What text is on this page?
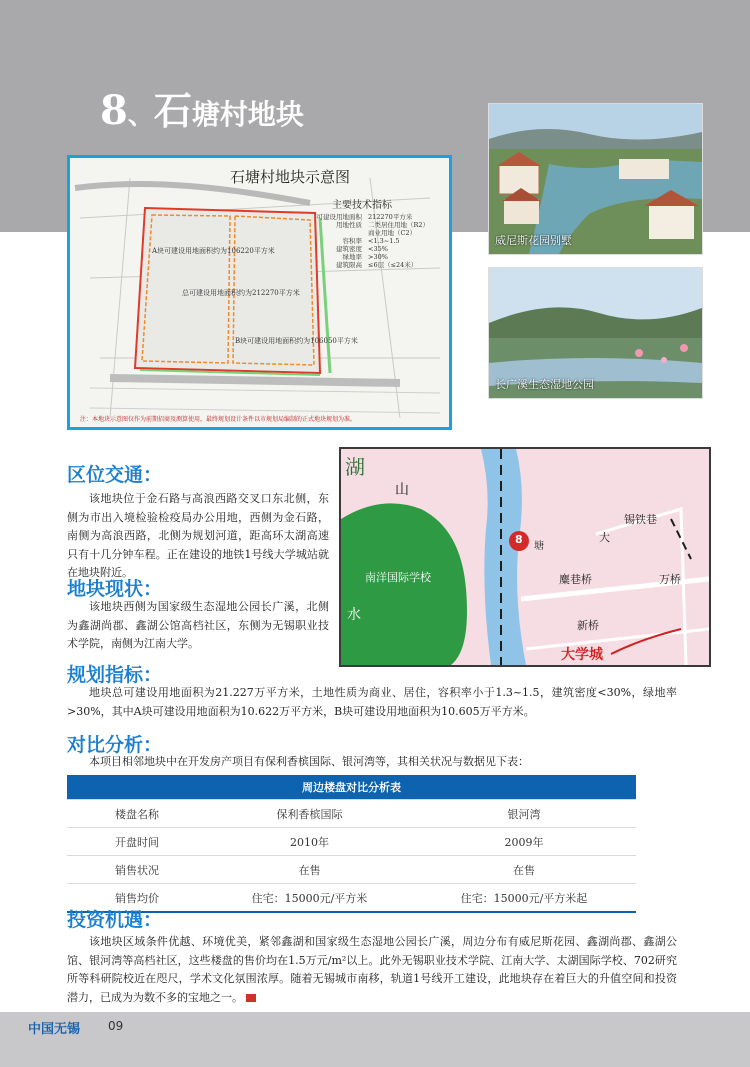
8、石塘村地块
石塘村地块示意图
主要技术指标
可建设用地面积 212270平方米
用地性质 二类居住用地（R2）
商业用地（C2）
容积率 <1.3~1.5
建筑密度 <35%
绿地率 >30%
建筑限高 ≤6层（≤24米）
A块可建设用地面积约为106220平方米
总可建设用地面积约为212270平方米
B块可建设用地面积约为106050平方米
注：本地块示意图仅作为前期招商及测算使用，最终规划设计条件以市规划局编制的正式地块规划为准。
威尼斯花园别墅
长广溪生态湿地公园
8
湖
山
水
南洋国际学校
塘
锡铁巷
大
麋巷桥	万桥
新桥
大学城
区位交通：
该地块位于金石路与高浪西路交叉口东北侧，东侧为市出入境检验检疫局办公用地，西侧为金石路，南侧为高浪西路，北侧为规划河道，距高环太湖高速只有十几分钟车程。正在建设的地铁1号线大学城站就在地块附近。
地块现状：
该地块西侧为国家级生态湿地公园长广溪，北侧为鑫湖尚郡、鑫湖公馆高档社区，东侧为无锡职业技术学院，南侧为江南大学。
规划指标：
地块总可建设用地面积为21.227万平方米，土地性质为商业、居住，容积率小于1.3~1.5，建筑密度<30%，绿地率>30%，其中A块可建设用地面积为10.622万平方米，B块可建设用地面积为10.605万平方米。
对比分析：
本项目相邻地块中在开发房产项目有保利香槟国际、银河湾等，其相关状况与数据见下表：
周边楼盘对比分析表		
楼盘名称	保利香槟国际	银河湾
开盘时间	2010年	2009年
销售状况	在售	在售
销售均价	住宅：15000元/平方米	住宅：15000元/平方米起
投资机遇：
该地块区域条件优越、环境优美，紧邻鑫湖和国家级生态湿地公园长广溪，周边分布有威尼斯花园、鑫湖尚郡、鑫湖公馆、银河湾等高档社区，这些楼盘的售价均在1.5万元/m²以上。此外无锡职业技术学院、江南大学、太湖国际学校、702研究所等科研院校近在咫尺，学术文化氛围浓厚。随着无锡城市南移，轨道1号线开工建设，此地块存在着巨大的升值空间和投资潜力，已成为为数不多的宝地之一。
中国无锡 09
